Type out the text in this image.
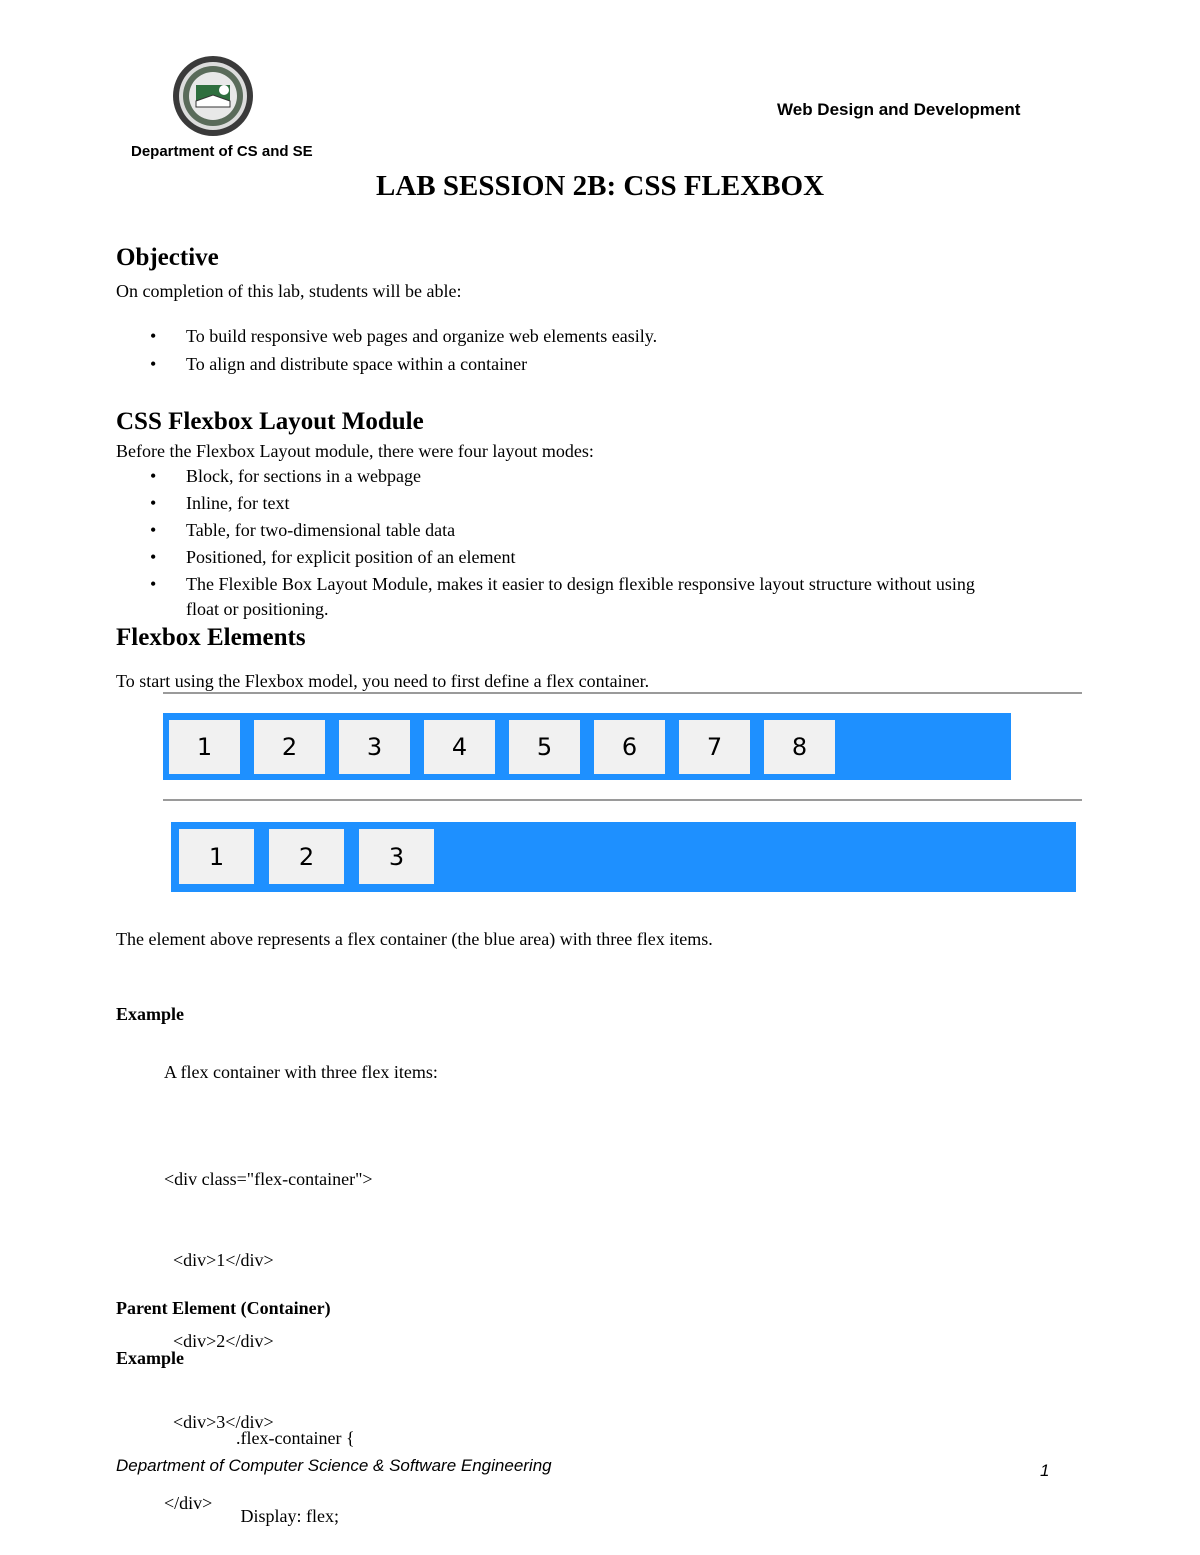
Department of CS and SE
Web Design and Development
LAB SESSION 2B: CSS FLEXBOX
Objective
On completion of this lab, students will be able:
• To build responsive web pages and organize web elements easily.
• To align and distribute space within a container
CSS Flexbox Layout Module
Before the Flexbox Layout module, there were four layout modes:
• Block, for sections in a webpage
• Inline, for text
• Table, for two-dimensional table data
• Positioned, for explicit position of an element
• The Flexible Box Layout Module, makes it easier to design flexible responsive layout structure without using float or positioning.
Flexbox Elements
To start using the Flexbox model, you need to first define a flex container.
1	2	3	4	5	6	7	8
1	2	3
The element above represents a flex container (the blue area) with three flex items.
Example
A flex container with three flex items:

<div class="flex-container">

<div>1</div>

<div>2</div>

<div>3</div>

</div>

Parent Element (Container)
Example

.flex-container {

Display: flex;

Department of Computer Science & Software Engineering	1
